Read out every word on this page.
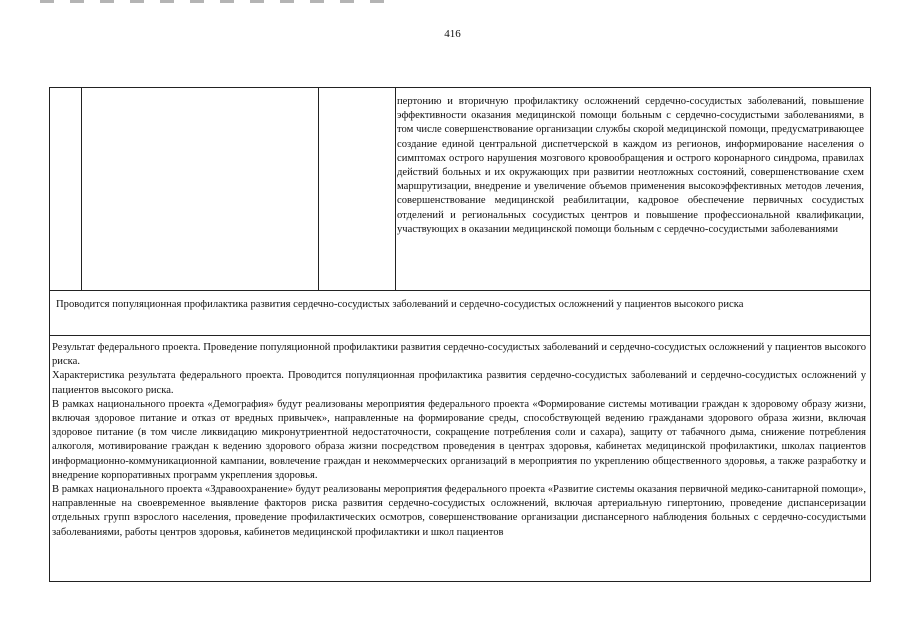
416
пертонию и вторичную профилактику осложнений сердечно-сосудистых заболеваний, повышение эффективности оказания медицинской помощи больным с сердечно-сосудистыми заболеваниями, в том числе совершенствование организации службы скорой медицинской помощи, предусматривающее создание единой центральной диспетчерской в каждом из регионов, информирование населения о симптомах острого нарушения мозгового кровообращения и острого коронарного синдрома, правилах действий больных и их окружающих при развитии неотложных состояний, совершенствование схем маршрутизации, внедрение и увеличение объемов применения высокоэффективных методов лечения, совершенствование медицинской реабилитации, кадровое обеспечение первичных сосудистых отделений и региональных сосудистых центров и повышение профессиональной квалификации, участвующих в оказании медицинской помощи больным с сердечно-сосудистыми заболеваниями
Проводится популяционная профилактика развития сердечно-сосудистых заболеваний и сердечно-сосудистых осложнений у пациентов высокого риска

Результат федерального проекта. Проведение популяционной профилактики развития сердечно-сосудистых заболеваний и сердечно-сосудистых осложнений у пациентов высокого риска.

Характеристика результата федерального проекта. Проводится популяционная профилактика развития сердечно-сосудистых заболеваний и сердечно-сосудистых осложнений у пациентов высокого риска.

В рамках национального проекта «Демография» будут реализованы мероприятия федерального проекта «Формирование системы мотивации граждан к здоровому образу жизни, включая здоровое питание и отказ от вредных привычек», направленные на формирование среды, способствующей ведению гражданами здорового образа жизни, включая здоровое питание (в том числе ликвидацию микронутриентной недостаточности, сокращение потребления соли и сахара), защиту от табачного дыма, снижение потребления алкоголя, мотивирование граждан к ведению здорового образа жизни посредством проведения в центрах здоровья, кабинетах медицинской профилактики, школах пациентов информационно-коммуникационной кампании, вовлечение граждан и некоммерческих организаций в мероприятия по укреплению общественного здоровья, а также разработку и внедрение корпоративных программ укрепления здоровья.

В рамках национального проекта «Здравоохранение» будут реализованы мероприятия федерального проекта «Развитие системы оказания первичной медико-санитарной помощи», направленные на своевременное выявление факторов риска развития сердечно-сосудистых осложнений, включая артериальную гипертонию, проведение диспансеризации отдельных групп взрослого населения, проведение профилактических осмотров, совершенствование организации диспансерного наблюдения больных с сердечно-сосудистыми заболеваниями, работы центров здоровья, кабинетов медицинской профилактики и школ пациентов
